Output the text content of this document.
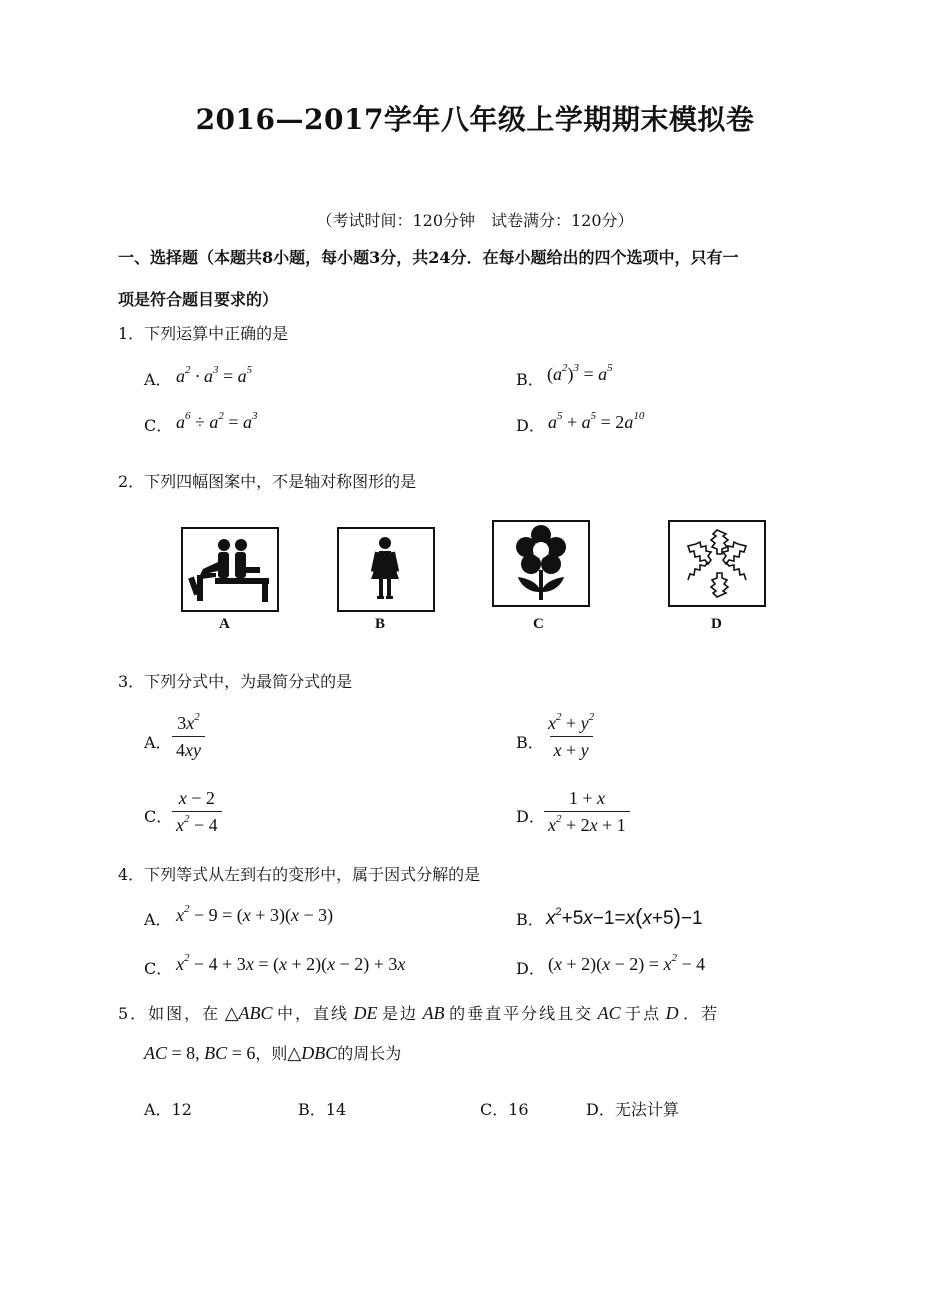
2016—2017学年八年级上学期期末模拟卷
（考试时间：120分钟　试卷满分：120分）
一、选择题（本题共8小题，每小题3分，共24分．在每小题给出的四个选项中，只有一
项是符合题目要求的）
1．下列运算中正确的是
A． $a^2 \cdot a^3 = a^5$	B． $(a^2)^3 = a^5$
C． $a^6 \div a^2 = a^3$	D． $a^5 + a^5 = 2a^{10}$
2．下列四幅图案中，不是轴对称图形的是
A	B	C	D
3．下列分式中，为最简分式的是
A． $\frac{3x^2}{4xy}$	B． $\frac{x^2 + y^2}{x + y}$
C． $\frac{x - 2}{x^2 - 4}$	D． $\frac{1 + x}{x^2 + 2x + 1}$
4．下列等式从左到右的变形中，属于因式分解的是
A． $x^2 - 9 = (x + 3)(x - 3)$	B． $x^2+5x-1=x(x+5)-1$
C． $x^2 - 4 + 3x = (x + 2)(x - 2) + 3x$	D． $(x + 2)(x - 2) = x^2 - 4$
5．如图，在 △ABC 中，直线 DE 是边 AB 的垂直平分线且交 AC 于点 D ．若
AC = 8, BC = 6，则△DBC的周长为
A．12	B．14	C．16	D．无法计算
